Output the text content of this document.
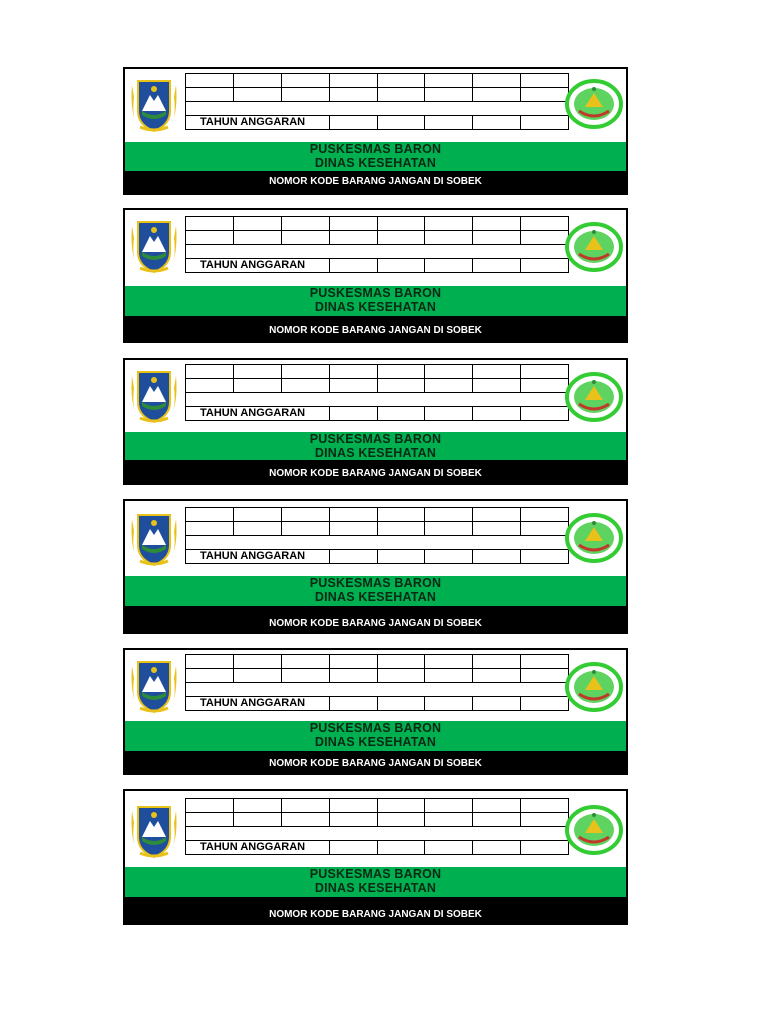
TAHUN ANGGARAN							
PUSKESMAS BARON
DINAS KESEHATAN
NOMOR KODE BARANG JANGAN DI SOBEK

TAHUN ANGGARAN							
PUSKESMAS BARON
DINAS KESEHATAN
NOMOR KODE BARANG JANGAN DI SOBEK

TAHUN ANGGARAN							
PUSKESMAS BARON
DINAS KESEHATAN
NOMOR KODE BARANG JANGAN DI SOBEK

TAHUN ANGGARAN							
PUSKESMAS BARON
DINAS KESEHATAN
NOMOR KODE BARANG JANGAN DI SOBEK

TAHUN ANGGARAN							
PUSKESMAS BARON
DINAS KESEHATAN
NOMOR KODE BARANG JANGAN DI SOBEK

TAHUN ANGGARAN							
PUSKESMAS BARON
DINAS KESEHATAN
NOMOR KODE BARANG JANGAN DI SOBEK
